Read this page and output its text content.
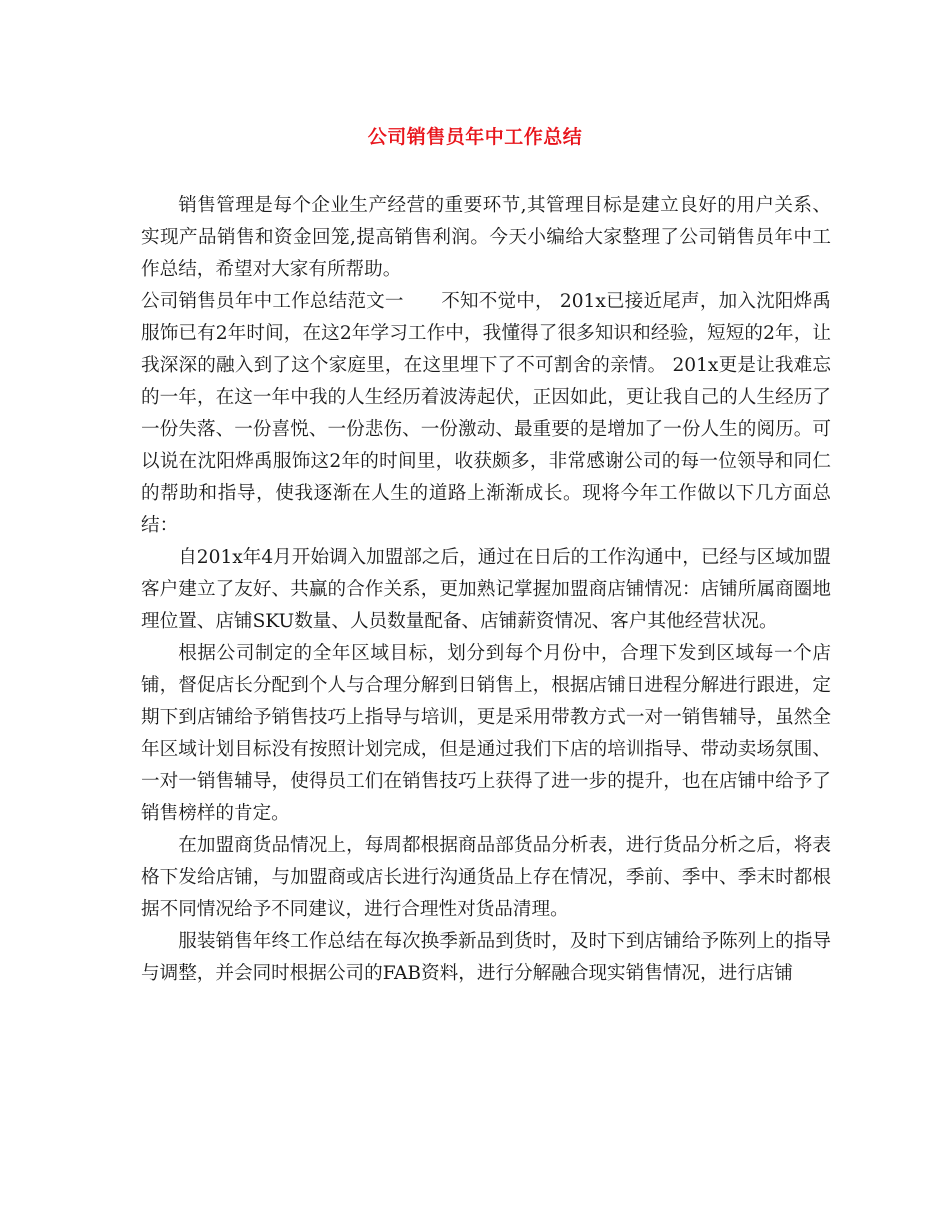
公司销售员年中工作总结

销售管理是每个企业生产经营的重要环节,其管理目标是建立良好的用户关系、实现产品销售和资金回笼,提高销售利润。今天小编给大家整理了公司销售员年中工作总结，希望对大家有所帮助。

公司销售员年中工作总结范文一　　不知不觉中， 201x已接近尾声，加入沈阳烨禹服饰已有2年时间，在这2年学习工作中，我懂得了很多知识和经验，短短的2年，让我深深的融入到了这个家庭里，在这里埋下了不可割舍的亲情。 201x更是让我难忘的一年，在这一年中我的人生经历着波涛起伏，正因如此，更让我自己的人生经历了一份失落、一份喜悦、一份悲伤、一份激动、最重要的是增加了一份人生的阅历。可以说在沈阳烨禹服饰这2年的时间里，收获颇多，非常感谢公司的每一位领导和同仁的帮助和指导，使我逐渐在人生的道路上渐渐成长。现将今年工作做以下几方面总结：

自201x年4月开始调入加盟部之后，通过在日后的工作沟通中，已经与区域加盟客户建立了友好、共赢的合作关系，更加熟记掌握加盟商店铺情况：店铺所属商圈地理位置、店铺SKU数量、人员数量配备、店铺薪资情况、客户其他经营状况。

根据公司制定的全年区域目标，划分到每个月份中，合理下发到区域每一个店铺，督促店长分配到个人与合理分解到日销售上，根据店铺日进程分解进行跟进，定期下到店铺给予销售技巧上指导与培训，更是采用带教方式一对一销售辅导，虽然全年区域计划目标没有按照计划完成，但是通过我们下店的培训指导、带动卖场氛围、一对一销售辅导，使得员工们在销售技巧上获得了进一步的提升，也在店铺中给予了销售榜样的肯定。

在加盟商货品情况上，每周都根据商品部货品分析表，进行货品分析之后，将表格下发给店铺，与加盟商或店长进行沟通货品上存在情况，季前、季中、季末时都根据不同情况给予不同建议，进行合理性对货品清理。

服装销售年终工作总结在每次换季新品到货时，及时下到店铺给予陈列上的指导与调整，并会同时根据公司的FAB资料，进行分解融合现实销售情况，进行店铺
